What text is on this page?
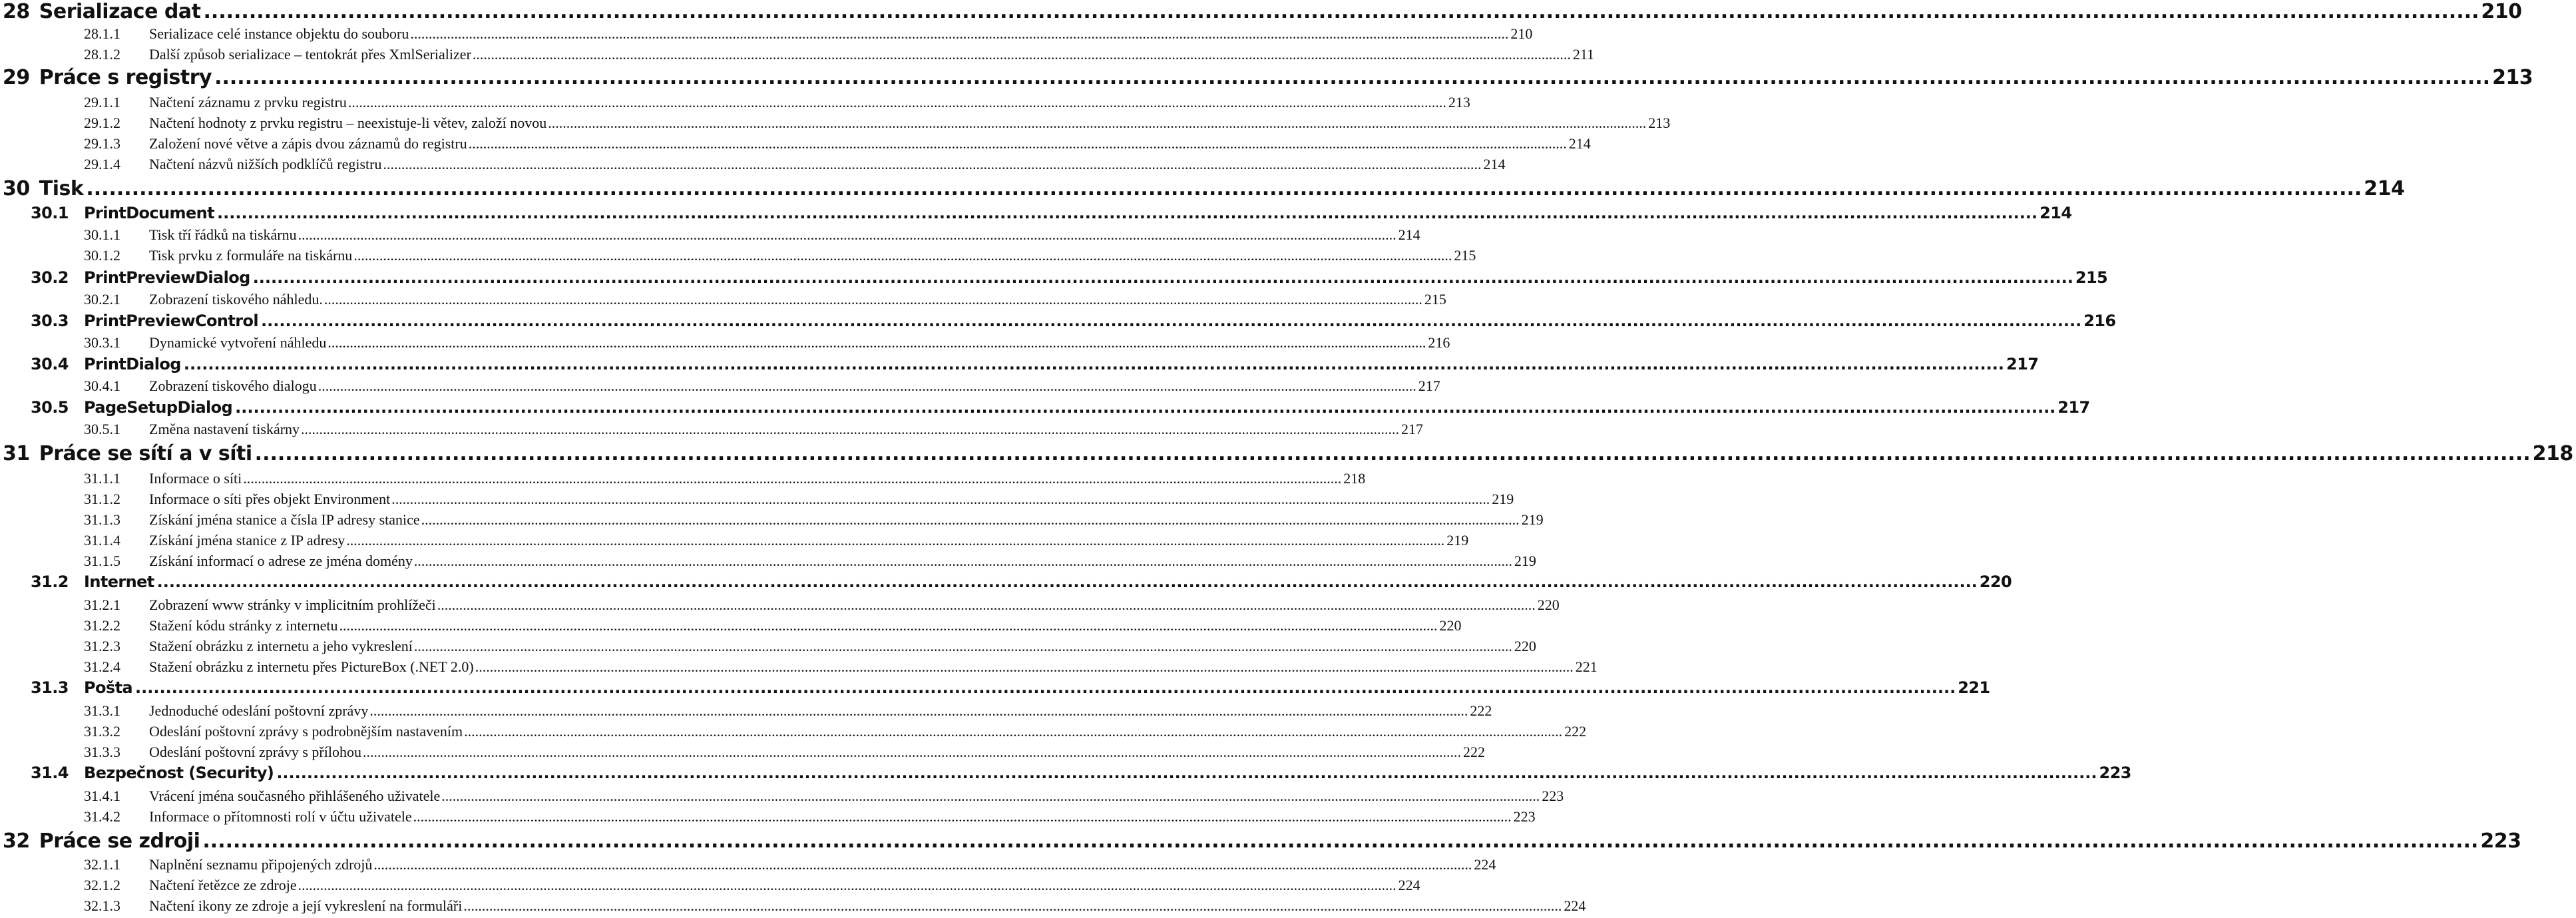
28 Serializace dat ............................................................................................................................................................................................................................................................................................................ 210
28.1.1	Serializace celé instance objektu do souboru ............................................................................................................................................................................................................................................................................................................ 210
28.1.2	Další způsob serializace – tentokrát přes XmlSerializer ............................................................................................................................................................................................................................................................................................................ 211
29 Práce s registry ............................................................................................................................................................................................................................................................................................................ 213
29.1.1	Načtení záznamu z prvku registru ............................................................................................................................................................................................................................................................................................................ 213
29.1.2	Načtení hodnoty z prvku registru – neexistuje-li větev, založí novou ............................................................................................................................................................................................................................................................................................................ 213
29.1.3	Založení nové větve a zápis dvou záznamů do registru ............................................................................................................................................................................................................................................................................................................ 214
29.1.4	Načtení názvů nižších podklíčů registru ............................................................................................................................................................................................................................................................................................................ 214
30 Tisk ............................................................................................................................................................................................................................................................................................................ 214
30.1 PrintDocument ............................................................................................................................................................................................................................................................................................................ 214
30.1.1	Tisk tří řádků na tiskárnu ............................................................................................................................................................................................................................................................................................................ 214
30.1.2	Tisk prvku z formuláře na tiskárnu ............................................................................................................................................................................................................................................................................................................ 215
30.2 PrintPreviewDialog ............................................................................................................................................................................................................................................................................................................ 215
30.2.1	Zobrazení tiskového náhledu. ............................................................................................................................................................................................................................................................................................................ 215
30.3 PrintPreviewControl ............................................................................................................................................................................................................................................................................................................ 216
30.3.1	Dynamické vytvoření náhledu ............................................................................................................................................................................................................................................................................................................ 216
30.4 PrintDialog ............................................................................................................................................................................................................................................................................................................ 217
30.4.1	Zobrazení tiskového dialogu ............................................................................................................................................................................................................................................................................................................ 217
30.5 PageSetupDialog ............................................................................................................................................................................................................................................................................................................ 217
30.5.1	Změna nastavení tiskárny ............................................................................................................................................................................................................................................................................................................ 217
31 Práce se sítí a v síti ............................................................................................................................................................................................................................................................................................................ 218
31.1.1	Informace o síti ............................................................................................................................................................................................................................................................................................................ 218
31.1.2	Informace o síti přes objekt Environment ............................................................................................................................................................................................................................................................................................................ 219
31.1.3	Získání jména stanice a čísla IP adresy stanice ............................................................................................................................................................................................................................................................................................................ 219
31.1.4	Získání jména stanice z IP adresy ............................................................................................................................................................................................................................................................................................................ 219
31.1.5	Získání informací o adrese ze jména domény ............................................................................................................................................................................................................................................................................................................ 219
31.2 Internet ............................................................................................................................................................................................................................................................................................................ 220
31.2.1	Zobrazení www stránky v implicitním prohlížeči ............................................................................................................................................................................................................................................................................................................ 220
31.2.2	Stažení kódu stránky z internetu ............................................................................................................................................................................................................................................................................................................ 220
31.2.3	Stažení obrázku z internetu a jeho vykreslení ............................................................................................................................................................................................................................................................................................................ 220
31.2.4	Stažení obrázku z internetu přes PictureBox (.NET 2.0) ............................................................................................................................................................................................................................................................................................................ 221
31.3 Pošta ............................................................................................................................................................................................................................................................................................................ 221
31.3.1	Jednoduché odeslání poštovní zprávy ............................................................................................................................................................................................................................................................................................................ 222
31.3.2	Odeslání poštovní zprávy s podrobnějším nastavením ............................................................................................................................................................................................................................................................................................................ 222
31.3.3	Odeslání poštovní zprávy s přílohou ............................................................................................................................................................................................................................................................................................................ 222
31.4 Bezpečnost (Security) ............................................................................................................................................................................................................................................................................................................ 223
31.4.1	Vrácení jména současného přihlášeného uživatele ............................................................................................................................................................................................................................................................................................................ 223
31.4.2	Informace o přítomnosti rolí v účtu uživatele ............................................................................................................................................................................................................................................................................................................ 223
32 Práce se zdroji ............................................................................................................................................................................................................................................................................................................ 223
32.1.1	Naplnění seznamu připojených zdrojů ............................................................................................................................................................................................................................................................................................................ 224
32.1.2	Načtení řetězce ze zdroje ............................................................................................................................................................................................................................................................................................................ 224
32.1.3	Načtení ikony ze zdroje a její vykreslení na formuláři ............................................................................................................................................................................................................................................................................................................ 224
